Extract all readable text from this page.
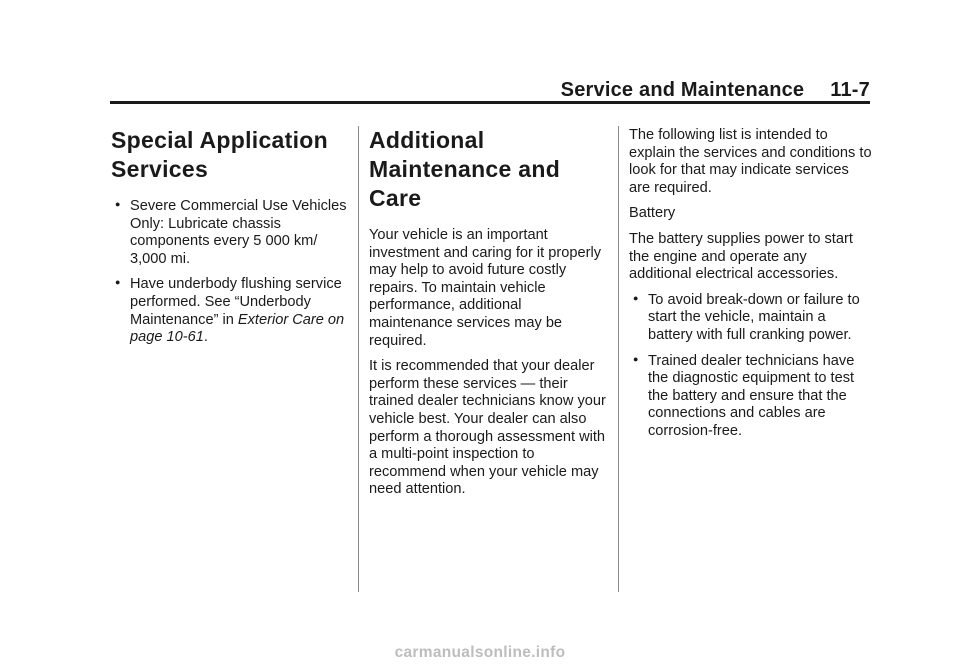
Service and Maintenance 11-7
Special Application Services
● Severe Commercial Use Vehicles Only: Lubricate chassis components every 5 000 km/ 3,000 mi.
● Have underbody flushing service performed. See “Underbody Maintenance” in Exterior Care on page 10-61.
Additional Maintenance and Care

Your vehicle is an important investment and caring for it properly may help to avoid future costly repairs. To maintain vehicle performance, additional maintenance services may be required.

It is recommended that your dealer perform these services — their trained dealer technicians know your vehicle best. Your dealer can also perform a thorough assessment with a multi-point inspection to recommend when your vehicle may need attention.

The following list is intended to explain the services and conditions to look for that may indicate services are required.

Battery

The battery supplies power to start the engine and operate any additional electrical accessories.

● To avoid break-down or failure to start the vehicle, maintain a battery with full cranking power.
● Trained dealer technicians have the diagnostic equipment to test the battery and ensure that the connections and cables are corrosion-free.
carmanualsonline.info
